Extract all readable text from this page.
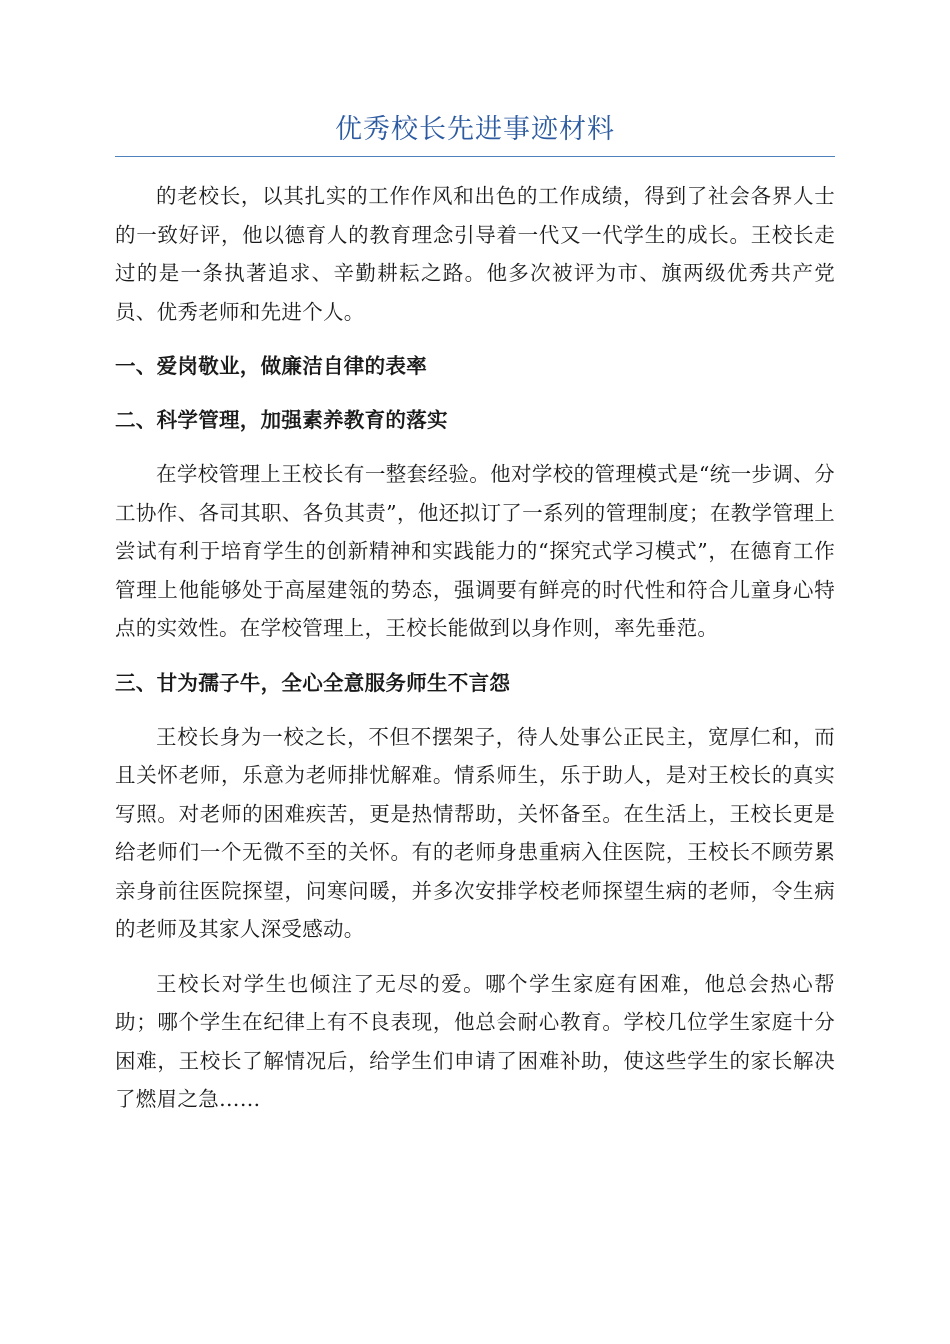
优秀校长先进事迹材料

的老校长，以其扎实的工作作风和出色的工作成绩，得到了社会各界人士的一致好评，他以德育人的教育理念引导着一代又一代学生的成长。王校长走过的是一条执著追求、辛勤耕耘之路。他多次被评为市、旗两级优秀共产党员、优秀老师和先进个人。

一、爱岗敬业，做廉洁自律的表率
二、科学管理，加强素养教育的落实

在学校管理上王校长有一整套经验。他对学校的管理模式是“统一步调、分工协作、各司其职、各负其责”，他还拟订了一系列的管理制度；在教学管理上尝试有利于培育学生的创新精神和实践能力的“探究式学习模式”，在德育工作管理上他能够处于高屋建瓴的势态，强调要有鲜亮的时代性和符合儿童身心特点的实效性。在学校管理上，王校长能做到以身作则，率先垂范。

三、甘为孺子牛，全心全意服务师生不言怨

王校长身为一校之长，不但不摆架子，待人处事公正民主，宽厚仁和，而且关怀老师，乐意为老师排忧解难。情系师生，乐于助人，是对王校长的真实写照。对老师的困难疾苦，更是热情帮助，关怀备至。在生活上，王校长更是给老师们一个无微不至的关怀。有的老师身患重病入住医院，王校长不顾劳累亲身前往医院探望，问寒问暖，并多次安排学校老师探望生病的老师，令生病的老师及其家人深受感动。

王校长对学生也倾注了无尽的爱。哪个学生家庭有困难，他总会热心帮助；哪个学生在纪律上有不良表现，他总会耐心教育。学校几位学生家庭十分困难，王校长了解情况后，给学生们申请了困难补助，使这些学生的家长解决了燃眉之急……
